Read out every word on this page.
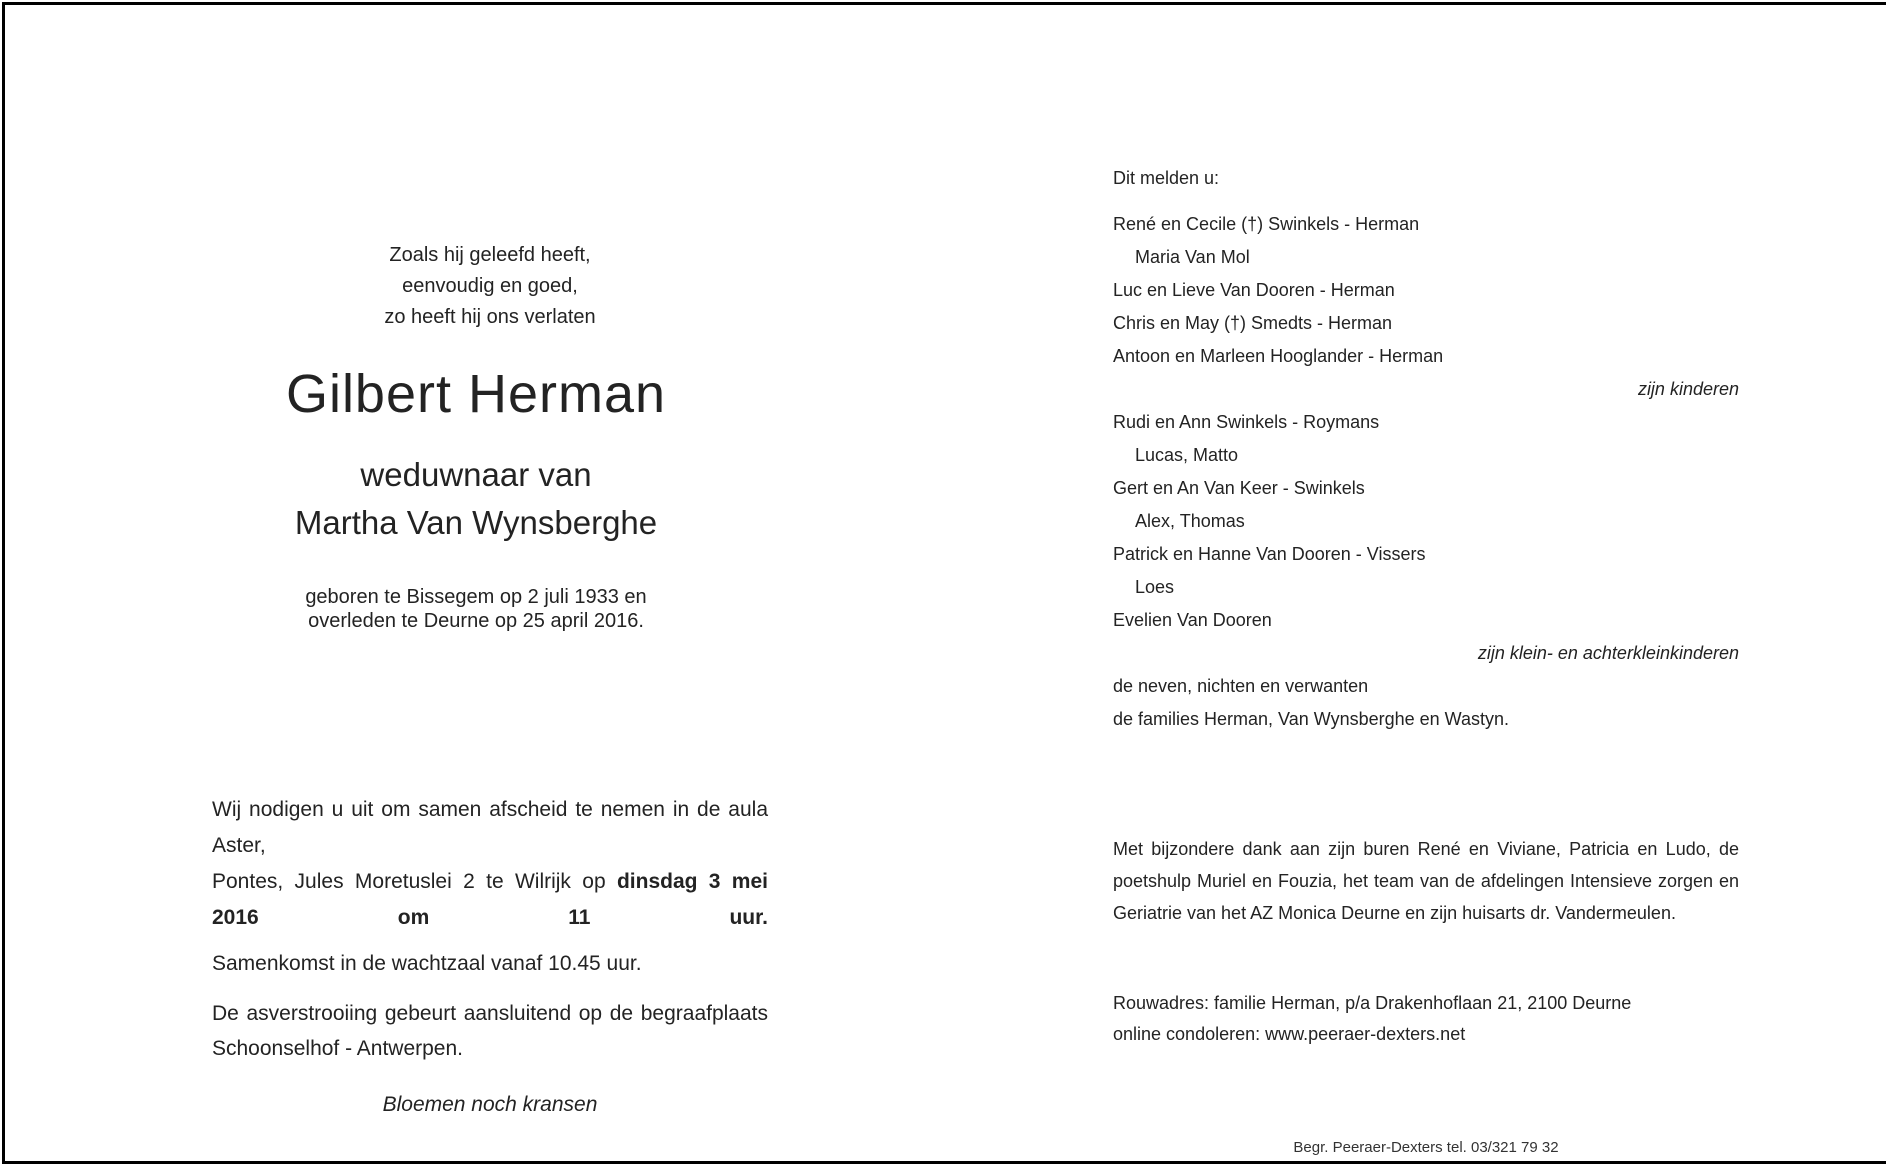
Zoals hij geleefd heeft,
eenvoudig en goed,
zo heeft hij ons verlaten
Gilbert Herman
weduwnaar van
Martha Van Wynsberghe
geboren te Bissegem op 2 juli 1933 en
overleden te Deurne op 25 april 2016.
Wij nodigen u uit om samen afscheid te nemen in de aula Aster,
Pontes, Jules Moretuslei 2 te Wilrijk op dinsdag 3 mei 2016 om 11 uur.
Samenkomst in de wachtzaal vanaf 10.45 uur.
De asverstrooiing gebeurt aansluitend op de begraafplaats
Schoonselhof - Antwerpen.
Bloemen noch kransen
Dit melden u:
René en Cecile (†) Swinkels - Herman
Maria Van Mol
Luc en Lieve Van Dooren - Herman
Chris en May (†) Smedts - Herman
Antoon en Marleen Hooglander - Herman
zijn kinderen
Rudi en Ann Swinkels - Roymans
Lucas, Matto
Gert en An Van Keer - Swinkels
Alex, Thomas
Patrick en Hanne Van Dooren - Vissers
Loes
Evelien Van Dooren
zijn klein- en achterkleinkinderen
de neven, nichten en verwanten
de families Herman, Van Wynsberghe en Wastyn.
Met bijzondere dank aan zijn buren René en Viviane, Patricia en Ludo, de
poetshulp Muriel en Fouzia, het team van de afdelingen Intensieve zorgen en
Geriatrie van het AZ Monica Deurne en zijn huisarts dr. Vandermeulen.
Rouwadres: familie Herman, p/a Drakenhoflaan 21, 2100 Deurne
online condoleren: www.peeraer-dexters.net
Begr. Peeraer-Dexters tel. 03/321 79 32
